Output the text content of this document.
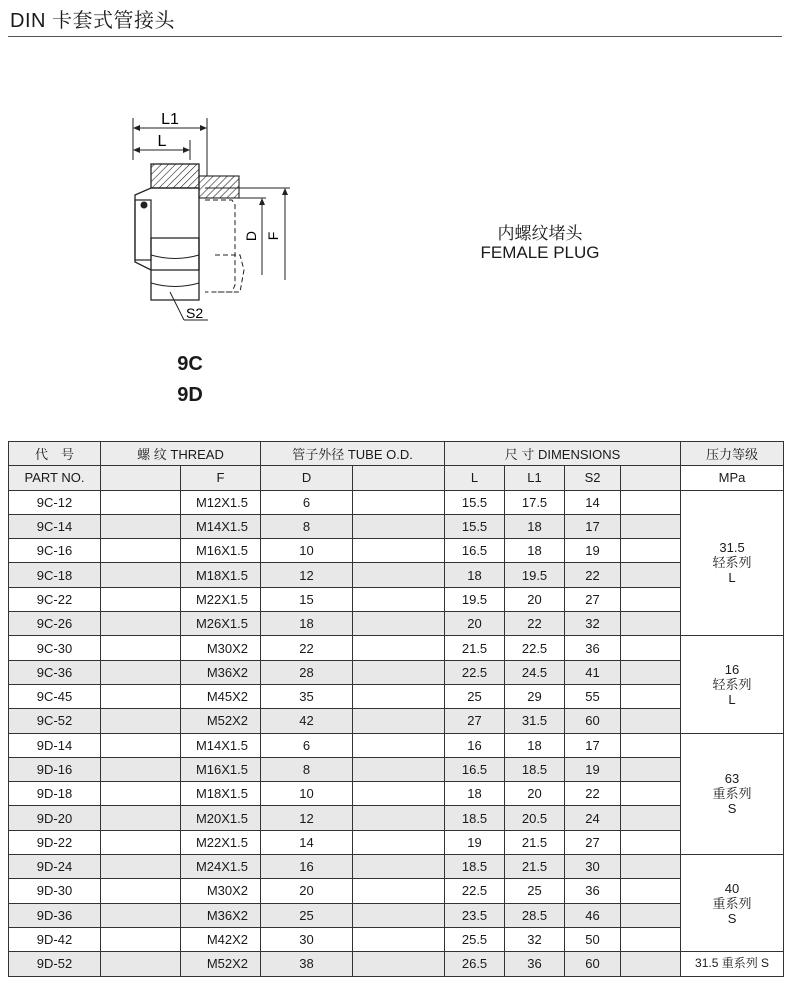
DIN 卡套式管接头
L1
L
D F
S2
9C
9D
内螺纹堵头
FEMALE PLUG
代　号	螺 纹 THREAD		管子外径 TUBE O.D.		尺 寸 DIMENSIONS				压力等级
PART NO.		F	D		L	L1	S2		MPa
9C-12		M12X1.5	6		15.5	17.5	14		31.5
轻系列
L

9C-14		M14X1.5	8		15.5	18	17		
9C-16		M16X1.5	10		16.5	18	19		
9C-18		M18X1.5	12		18	19.5	22		
9C-22		M22X1.5	15		19.5	20	27		
9C-26		M26X1.5	18		20	22	32		
9C-30		M30X2	22		21.5	22.5	36		16
轻系列
L

9C-36		M36X2	28		22.5	24.5	41		
9C-45		M45X2	35		25	29	55		
9C-52		M52X2	42		27	31.5	60		
9D-14		M14X1.5	6		16	18	17		63
重系列
S

9D-16		M16X1.5	8		16.5	18.5	19		
9D-18		M18X1.5	10		18	20	22		
9D-20		M20X1.5	12		18.5	20.5	24		
9D-22		M22X1.5	14		19	21.5	27		
9D-24		M24X1.5	16		18.5	21.5	30		40
重系列
S

9D-30		M30X2	20		22.5	25	36		
9D-36		M36X2	25		23.5	28.5	46		
9D-42		M42X2	30		25.5	32	50		
9D-52		M52X2	38		26.5	36	60		31.5 重系列 S
